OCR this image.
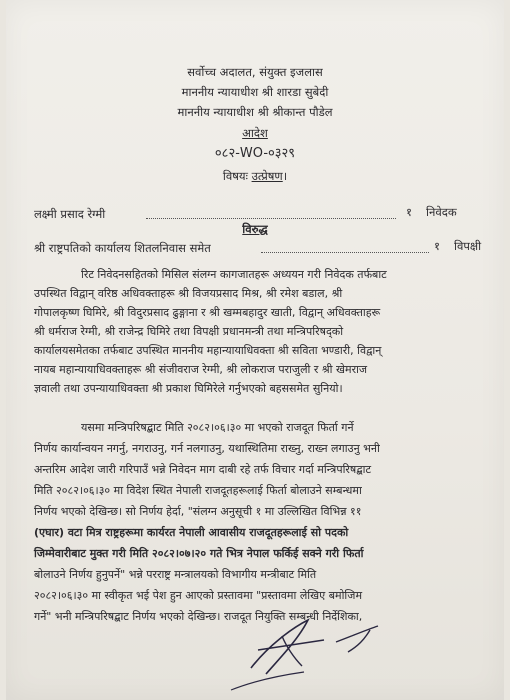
सर्वोच्च अदालत, संयुक्त इजलास
माननीय न्यायाधीश श्री शारडा सुबेदी
माननीय न्यायाधीश श्री श्रीकान्त पौडेल
आदेश
०८२-WO-०३२९
विषयः उत्प्रेषण।
लक्ष्मी प्रसाद रेग्मी	१ निवेदक
विरुद्ध
श्री राष्ट्रपतिको कार्यालय शितलनिवास समेत	१ विपक्षी
रिट निवेदनसहितको मिसिल संलग्न कागजातहरू अध्ययन गरी निवेदक तर्फबाट
उपस्थित विद्वान् वरिष्ठ अधिवक्ताहरू श्री विजयप्रसाद मिश्र, श्री रमेश बडाल, श्री
गोपालकृष्ण घिमिरे, श्री विदुरप्रसाद ढुङ्गाना र श्री खम्मबहादुर खाती, विद्वान् अधिवक्ताहरू
श्री धर्मराज रेग्मी, श्री राजेन्द्र घिमिरे तथा विपक्षी प्रधानमन्त्री तथा मन्त्रिपरिषद्को
कार्यालयसमेतका तर्फबाट उपस्थित माननीय महान्यायाधिवक्ता श्री सविता भण्डारी, विद्वान्
नायब महान्यायाधिवक्ताहरू श्री संजीवराज रेग्मी, श्री लोकराज पराजुली र श्री खेमराज
ज्ञवाली तथा उपन्यायाधिवक्ता श्री प्रकाश घिमिरेले गर्नुभएको बहससमेत सुनियो।
यसमा मन्त्रिपरिषद्बाट मिति २०८२।०६।३० मा भएको राजदूत फिर्ता गर्ने
निर्णय कार्यान्वयन नगर्नु, नगराउनु, गर्न नलगाउनु, यथास्थितिमा राख्नु, राख्न लगाउनु भनी
अन्तरिम आदेश जारी गरिपाउँ भन्ने निवेदन माग दाबी रहे तर्फ विचार गर्दा मन्त्रिपरिषद्बाट
मिति २०८२।०६।३० मा विदेश स्थित नेपाली राजदूतहरूलाई फिर्ता बोलाउने सम्बन्धमा
निर्णय भएको देखिन्छ। सो निर्णय हेर्दा, "संलग्न अनुसूची १ मा उल्लिखित विभिन्न ११
(एघार) वटा मित्र राष्ट्रहरूमा कार्यरत नेपाली आवासीय राजदूतहरूलाई सो पदको
जिम्मेवारीबाट मुक्त गरी मिति २०८२।०७।२० गते भित्र नेपाल फर्किई सक्ने गरी फिर्ता
बोलाउने निर्णय हुनुपर्ने" भन्ने परराष्ट्र मन्त्रालयको विभागीय मन्त्रीबाट मिति
२०८२।०६।३० मा स्वीकृत भई पेश हुन आएको प्रस्तावमा "प्रस्तावमा लेखिए बमोजिम
गर्ने" भनी मन्त्रिपरिषद्बाट निर्णय भएको देखिन्छ। राजदूत नियुक्ति सम्बन्धी निर्देशिका,
